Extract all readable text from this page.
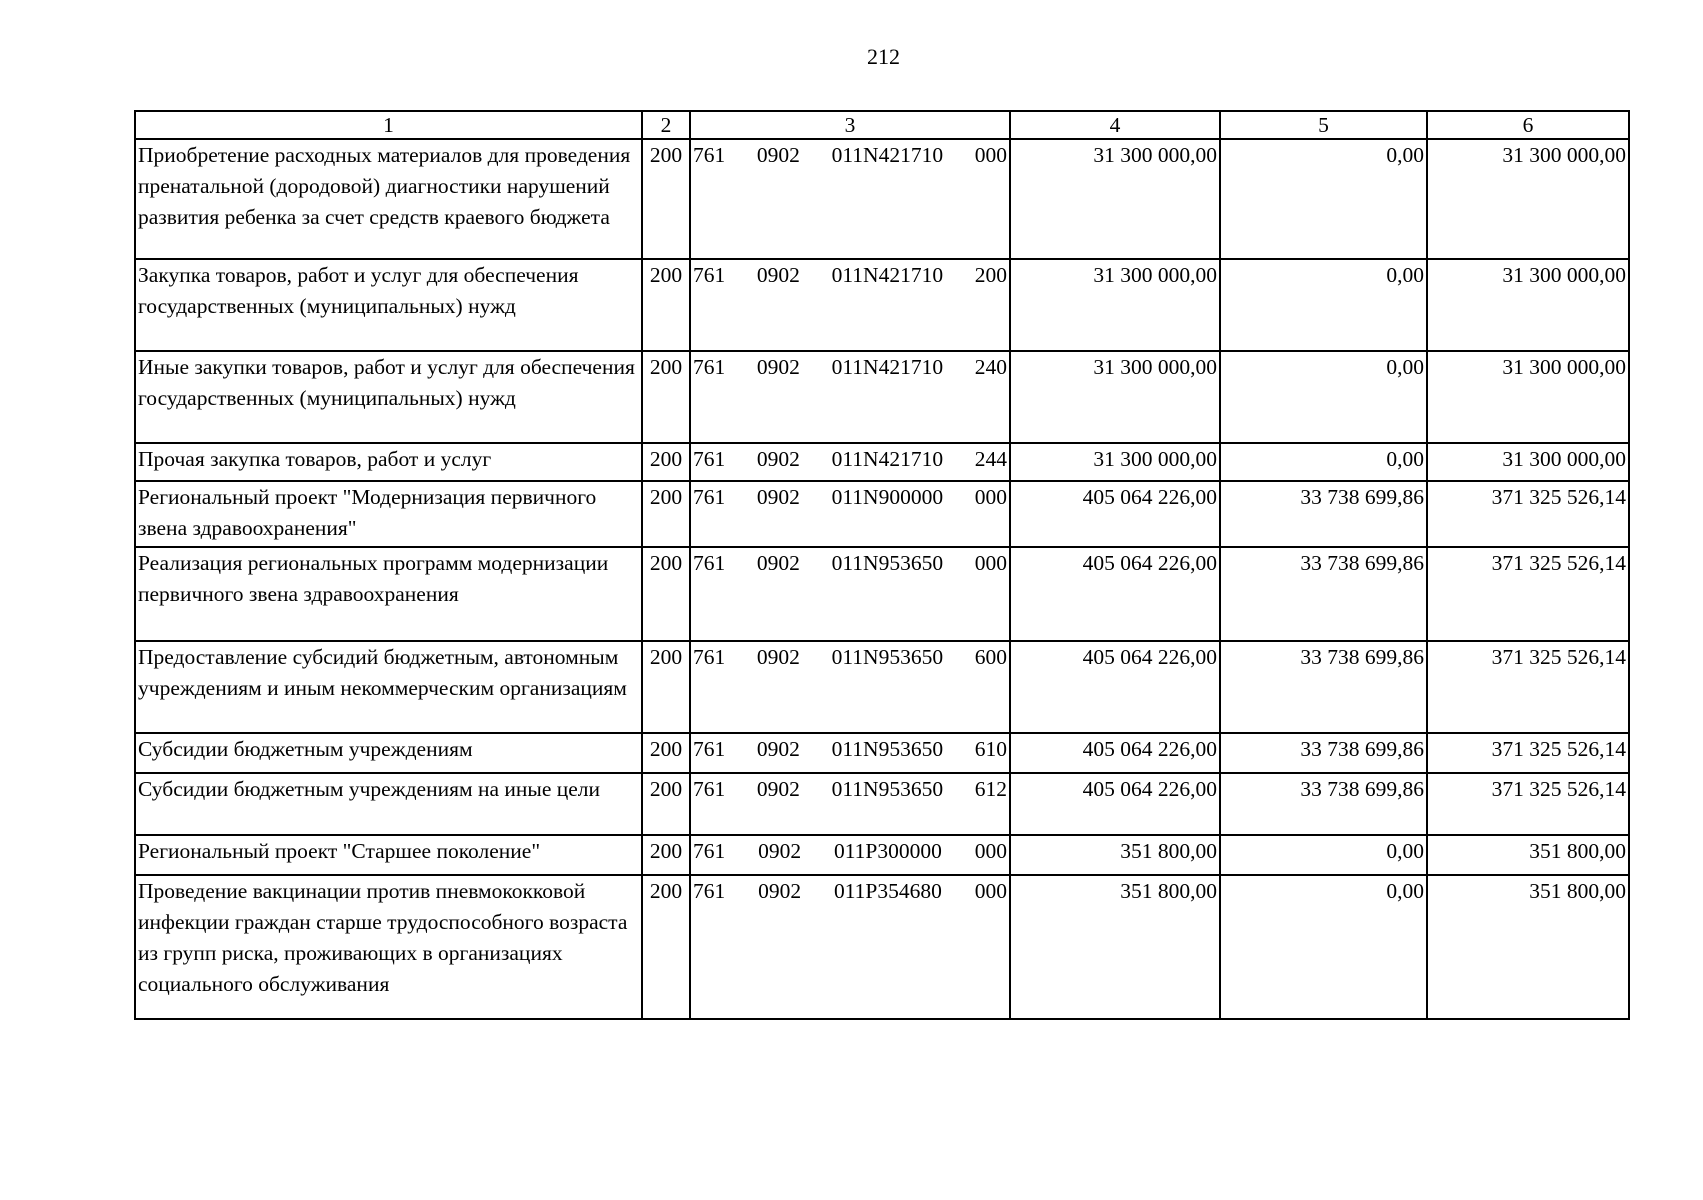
212
1	2	3	4	5	6
Приобретение расходных материалов для проведения пренатальной (дородовой) диагностики нарушений развития ребенка за счет средств краевого бюджета	200	761 0902 011N421710 000	31 300 000,00	0,00	31 300 000,00
Закупка товаров, работ и услуг для обеспечения государственных (муниципальных) нужд	200	761 0902 011N421710 200	31 300 000,00	0,00	31 300 000,00
Иные закупки товаров, работ и услуг для обеспечения государственных (муниципальных) нужд	200	761 0902 011N421710 240	31 300 000,00	0,00	31 300 000,00
Прочая закупка товаров, работ и услуг	200	761 0902 011N421710 244	31 300 000,00	0,00	31 300 000,00
Региональный проект "Модернизация первичного звена здравоохранения"	200	761 0902 011N900000 000	405 064 226,00	33 738 699,86	371 325 526,14
Реализация региональных программ модернизации первичного звена здравоохранения	200	761 0902 011N953650 000	405 064 226,00	33 738 699,86	371 325 526,14
Предоставление субсидий бюджетным, автономным учреждениям и иным некоммерческим организациям	200	761 0902 011N953650 600	405 064 226,00	33 738 699,86	371 325 526,14
Субсидии бюджетным учреждениям	200	761 0902 011N953650 610	405 064 226,00	33 738 699,86	371 325 526,14
Субсидии бюджетным учреждениям на иные цели	200	761 0902 011N953650 612	405 064 226,00	33 738 699,86	371 325 526,14
Региональный проект "Старшее поколение"	200	761 0902 011P300000 000	351 800,00	0,00	351 800,00
Проведение вакцинации против пневмококковой инфекции граждан старше трудоспособного возраста из групп риска, проживающих в организациях социального обслуживания	200	761 0902 011P354680 000	351 800,00	0,00	351 800,00
